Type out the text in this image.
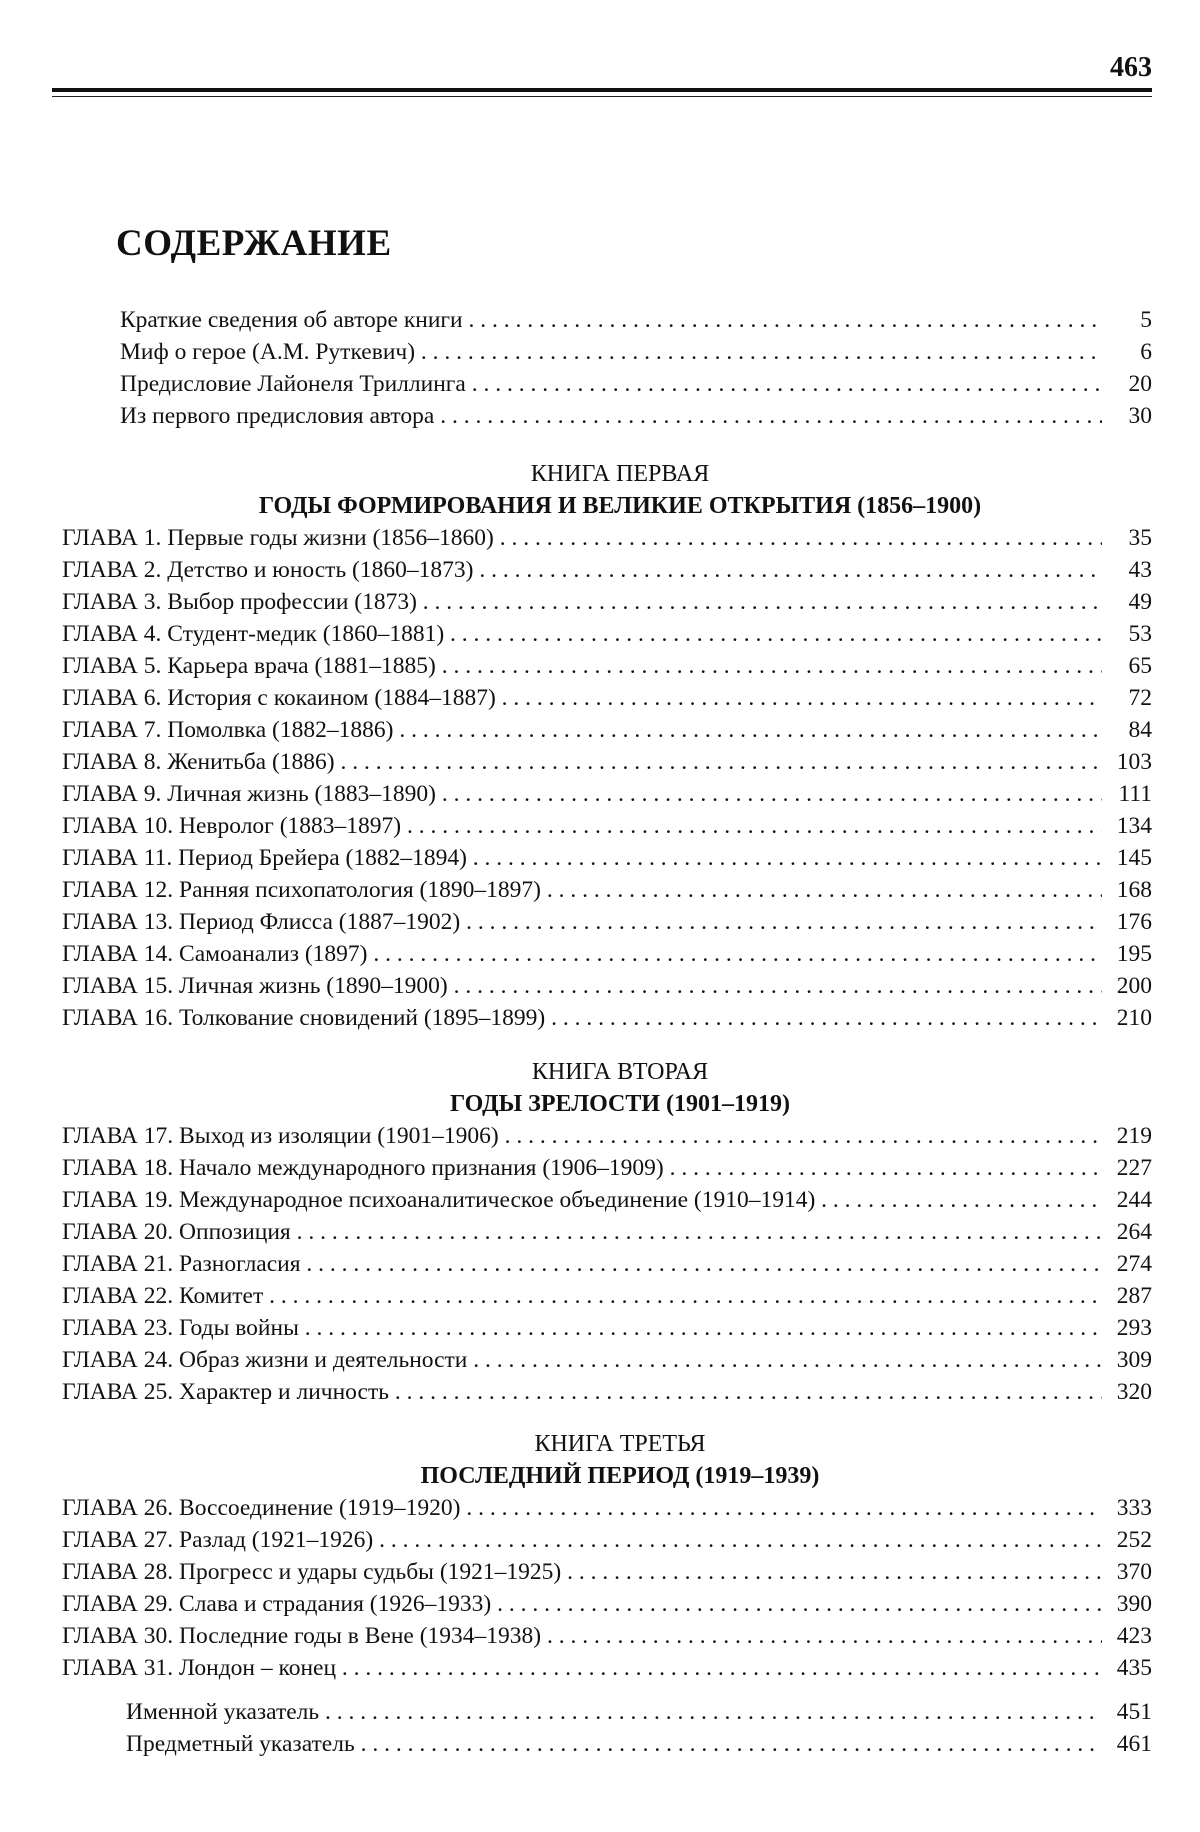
463
СОДЕРЖАНИЕ
Краткие сведения об авторе книги . . .	5
Миф о герое (А.М. Руткевич) . . .	6
Предисловие Лайонеля Триллинга . . .	20
Из первого предисловия автора . . .	30
КНИГА ПЕРВАЯ
ГОДЫ ФОРМИРОВАНИЯ И ВЕЛИКИЕ ОТКРЫТИЯ (1856–1900)
ГЛАВА 1. Первые годы жизни (1856–1860) . . .	35
ГЛАВА 2. Детство и юность (1860–1873) . . .	43
ГЛАВА 3. Выбор профессии (1873) . . .	49
ГЛАВА 4. Студент-медик (1860–1881) . . .	53
ГЛАВА 5. Карьера врача (1881–1885) . . .	65
ГЛАВА 6. История с кокаином (1884–1887) . . .	72
ГЛАВА 7. Помолвка (1882–1886) . . .	84
ГЛАВА 8. Женитьба (1886) . . .	103
ГЛАВА 9. Личная жизнь (1883–1890) . . .	111
ГЛАВА 10. Невролог (1883–1897) . . .	134
ГЛАВА 11. Период Брейера (1882–1894) . . .	145
ГЛАВА 12. Ранняя психопатология (1890–1897) . . .	168
ГЛАВА 13. Период Флисса (1887–1902) . . .	176
ГЛАВА 14. Самоанализ (1897) . . .	195
ГЛАВА 15. Личная жизнь (1890–1900) . . .	200
ГЛАВА 16. Толкование сновидений (1895–1899) . . .	210
КНИГА ВТОРАЯ
ГОДЫ ЗРЕЛОСТИ (1901–1919)
ГЛАВА 17. Выход из изоляции (1901–1906) . . .	219
ГЛАВА 18. Начало международного признания (1906–1909) . . .	227
ГЛАВА 19. Международное психоаналитическое объединение (1910–1914) . . .	244
ГЛАВА 20. Оппозиция . . .	264
ГЛАВА 21. Разногласия . . .	274
ГЛАВА 22. Комитет . . .	287
ГЛАВА 23. Годы войны . . .	293
ГЛАВА 24. Образ жизни и деятельности . . .	309
ГЛАВА 25. Характер и личность . . .	320
КНИГА ТРЕТЬЯ
ПОСЛЕДНИЙ ПЕРИОД (1919–1939)
ГЛАВА 26. Воссоединение (1919–1920) . . .	333
ГЛАВА 27. Разлад (1921–1926) . . .	252
ГЛАВА 28. Прогресс и удары судьбы (1921–1925) . . .	370
ГЛАВА 29. Слава и страдания (1926–1933) . . .	390
ГЛАВА 30. Последние годы в Вене (1934–1938) . . .	423
ГЛАВА 31. Лондон – конец . . .	435
Именной указатель . . .	451
Предметный указатель . . .	461
